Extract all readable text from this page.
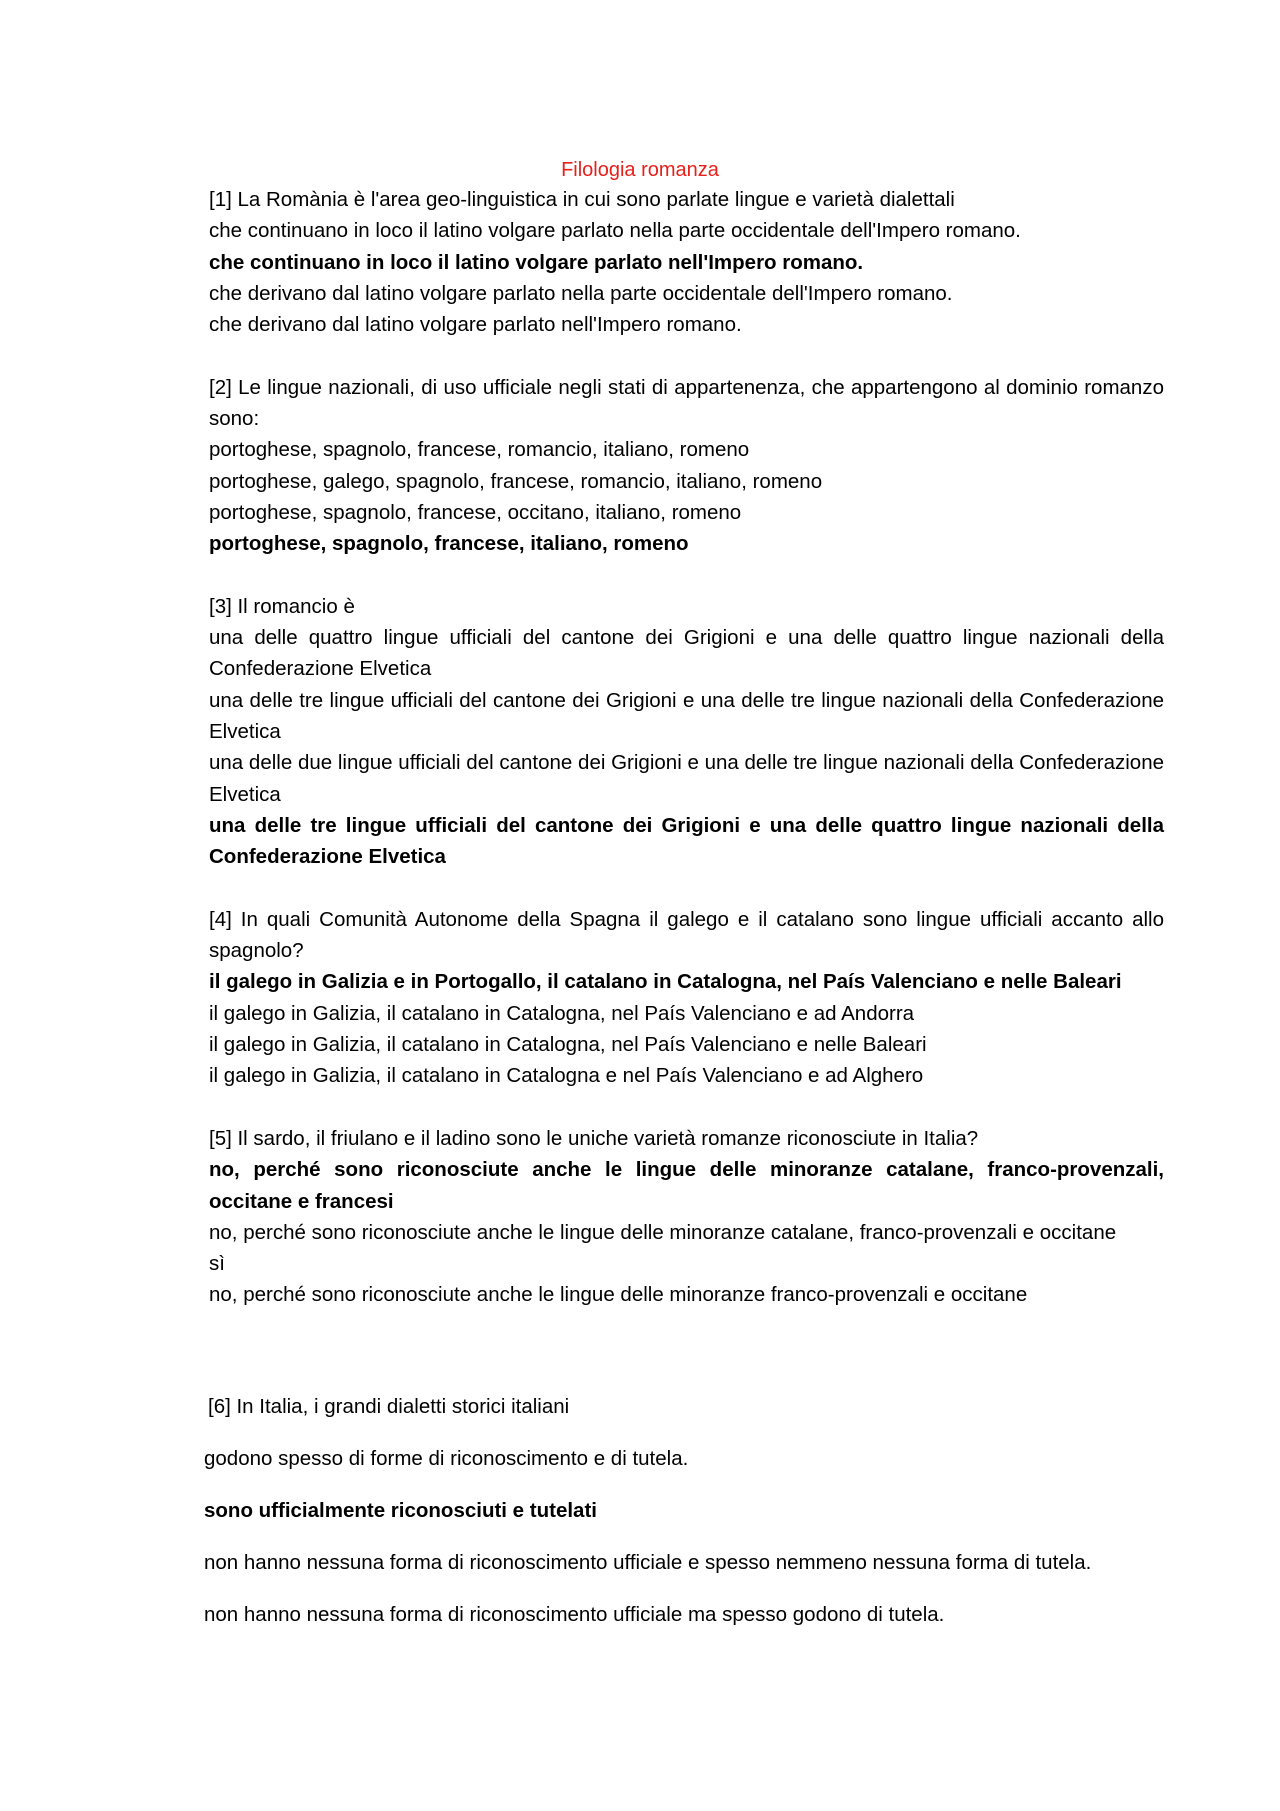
Filologia romanza
[1] La Romània è l'area geo-linguistica in cui sono parlate lingue e varietà dialettali
che continuano in loco il latino volgare parlato nella parte occidentale dell'Impero romano.
che continuano in loco il latino volgare parlato nell'Impero romano.
che derivano dal latino volgare parlato nella parte occidentale dell'Impero romano.
che derivano dal latino volgare parlato nell'Impero romano.
[2] Le lingue nazionali, di uso ufficiale negli stati di appartenenza, che appartengono al dominio romanzo sono:
portoghese, spagnolo, francese, romancio, italiano, romeno
portoghese, galego, spagnolo, francese, romancio, italiano, romeno
portoghese, spagnolo, francese, occitano, italiano, romeno
portoghese, spagnolo, francese, italiano, romeno
[3] Il romancio è
una delle quattro lingue ufficiali del cantone dei Grigioni e una delle quattro lingue nazionali della Confederazione Elvetica
una delle tre lingue ufficiali del cantone dei Grigioni e una delle tre lingue nazionali della Confederazione Elvetica
una delle due lingue ufficiali del cantone dei Grigioni e una delle tre lingue nazionali della Confederazione Elvetica
una delle tre lingue ufficiali del cantone dei Grigioni e una delle quattro lingue nazionali della Confederazione Elvetica
[4] In quali Comunità Autonome della Spagna il galego e il catalano sono lingue ufficiali accanto allo spagnolo?
il galego in Galizia e in Portogallo, il catalano in Catalogna, nel País Valenciano e nelle Baleari
il galego in Galizia, il catalano in Catalogna, nel País Valenciano e ad Andorra
il galego in Galizia, il catalano in Catalogna, nel País Valenciano e nelle Baleari
il galego in Galizia, il catalano in Catalogna e nel País Valenciano e ad Alghero
[5] Il sardo, il friulano e il ladino sono le uniche varietà romanze riconosciute in Italia?
no, perché sono riconosciute anche le lingue delle minoranze catalane, franco-provenzali, occitane e francesi
no, perché sono riconosciute anche le lingue delle minoranze catalane, franco-provenzali e occitane
sì
no, perché sono riconosciute anche le lingue delle minoranze franco-provenzali e occitane
[6] In Italia, i grandi dialetti storici italiani
godono spesso di forme di riconoscimento e di tutela.
sono ufficialmente riconosciuti e tutelati
non hanno nessuna forma di riconoscimento ufficiale e spesso nemmeno nessuna forma di tutela.
non hanno nessuna forma di riconoscimento ufficiale ma spesso godono di tutela.
